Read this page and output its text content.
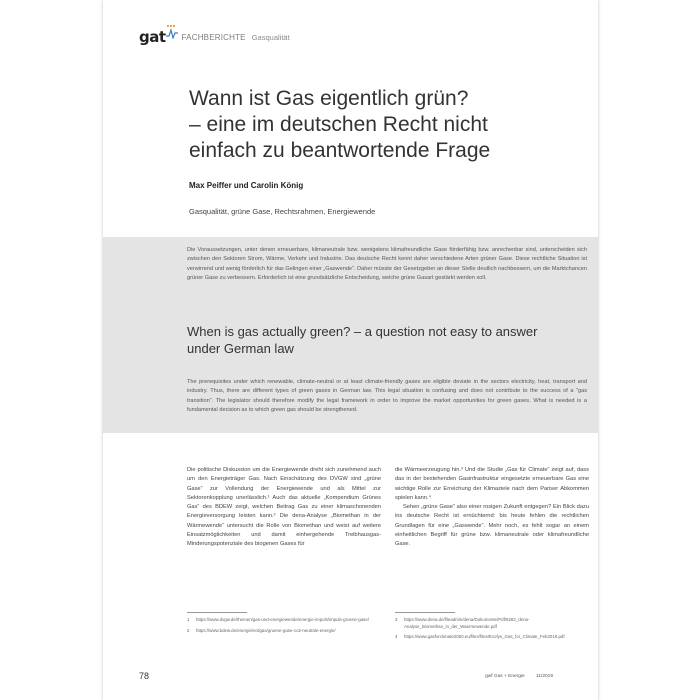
gat FACHBERICHTE Gasqualität
Wann ist Gas eigentlich grün?
– eine im deutschen Recht nicht
einfach zu beantwortende Frage
Max Peiffer und Carolin König
Gasqualität, grüne Gase, Rechtsrahmen, Energiewende

Die Voraussetzungen, unter denen erneuerbare, klimaneutrale bzw. wenigstens klimafreundliche Gase förderfähig bzw. anrechenbar sind, unterscheiden sich zwischen den Sektoren Strom, Wärme, Verkehr und Industrie. Das deutsche Recht kennt daher verschiedene Arten grüner Gase. Diese rechtliche Situation ist verwirrend und wenig förderlich für das Gelingen einer „Gaswende“. Daher müsste der Gesetzgeber an dieser Stelle deutlich nachbessern, um die Marktchancen grüner Gase zu verbessern. Erforderlich ist eine grundsätzliche Entscheidung, welche grüne Gasart gestärkt werden soll.

When is gas actually green? – a question not easy to answer
under German law

The prerequisites under which renewable, climate-neutral or at least climate-friendly gases are eligible deviate in the sectors electricity, heat, transport and industry. Thus, there are different types of green gases in German law. This legal situation is confusing and does not contribute to the success of a “gas transition”. The legislator should therefore modify the legal framework in order to improve the market opportunities for green gases. What is needed is a fundamental decision as to which green gas should be strengthened.

Die politische Diskussion um die Energiewende dreht sich zunehmend auch um den Energieträger Gas. Nach Einschätzung des DVGW sind „grüne Gase“ zur Vollendung der Energiewende und als Mittel zur Sektorenkopplung unerlässlich.¹ Auch das aktuelle „Kompendium Grünes Gas“ des BDEW zeigt, welchen Beitrag Gas zu einer klimaschonenden Energieversorgung leisten kann.² Die dena-Analyse „Biomethan in der Wärmewende“ untersucht die Rolle von Biomethan und weist auf weitere Einsatzmöglichkeiten und damit einhergehende Treibhausgas-Minderungspotenziale des biogenen Gases für

die Wärmeerzeugung hin.³ Und die Studie „Gas für Climate“ zeigt auf, dass das in der bestehenden Gasinfrastruktur eingesetzte erneuerbare Gas eine wichtige Rolle zur Erreichung der Klimaziele nach dem Pariser Abkommen spielen kann.⁴

Sehen „grüne Gase“ also einer rosigen Zukunft entgegen? Ein Blick dazu ins deutsche Recht ist ernüchternd: bis heute fehlen die rechtlichen Grundlagen für eine „Gaswende“. Mehr noch, es fehlt sogar an einem einheitlichen Begriff für grüne bzw. klimaneutrale oder klimafreundliche Gase.

1	https://www.dvgw.de/themen/gas-und-energiewende/energie-impuls/impuls-gruene-gase/
2	https://www.bdew.de/energie/erdgas/gruene-gase-co2-neutrale-energie/
3	https://www.dena.de/fileadmin/dena/Dokumente/Pdf/9282_dena-Analyse_Biomethan_in_der_Waermewende.pdf
4	https://www.gasforclimate2050.eu/files/files/Ecofys_Gas_for_Climate_Feb2018.pdf
78	gwf Gas + Energie 11/2019
